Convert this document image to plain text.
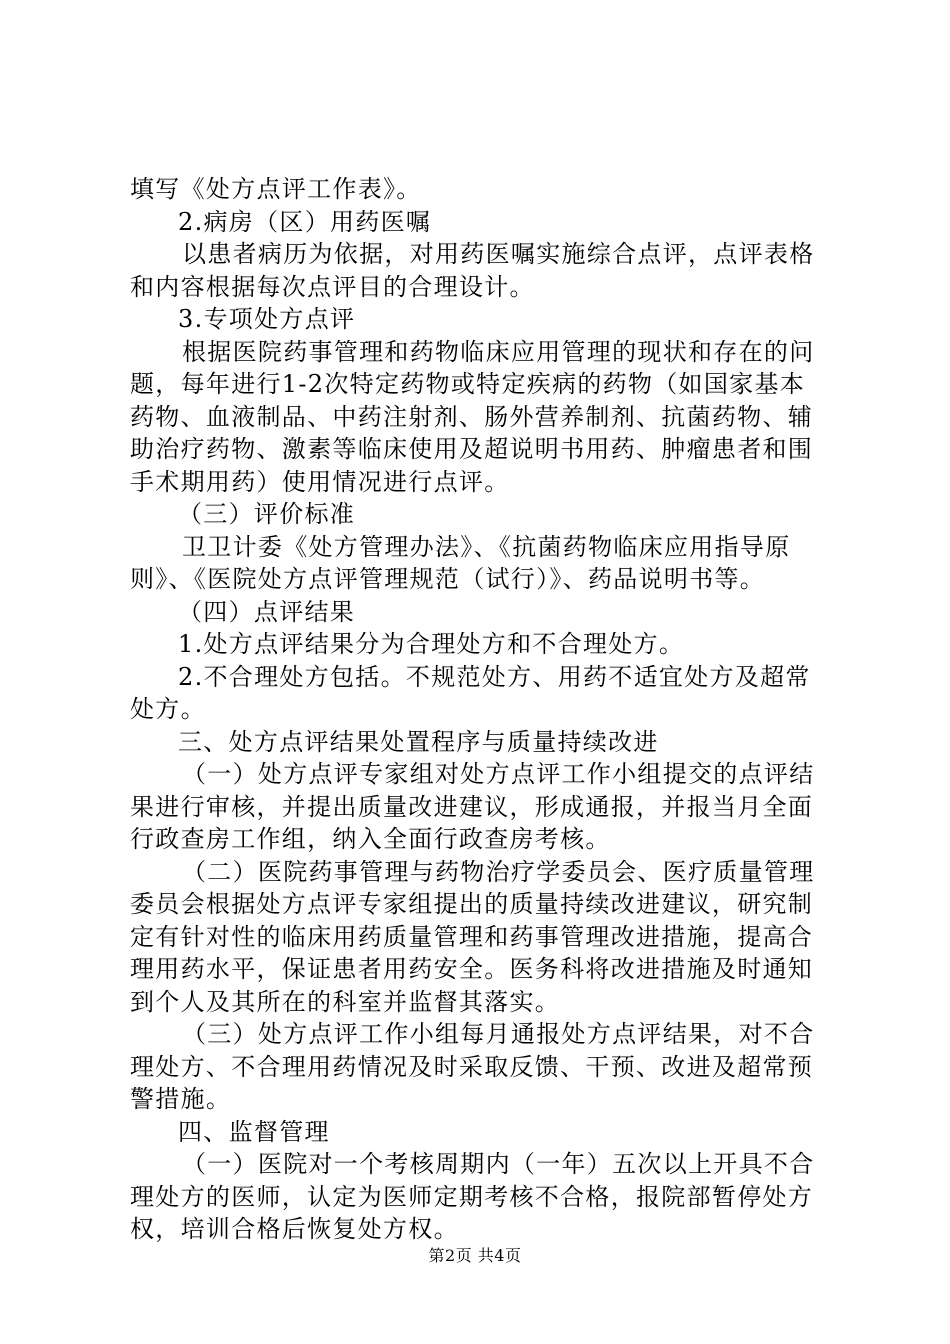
填写《处方点评工作表》。
2.病房（区）用药医嘱
以患者病历为依据，对用药医嘱实施综合点评，点评表格
和内容根据每次点评目的合理设计。
3.专项处方点评
根据医院药事管理和药物临床应用管理的现状和存在的问
题，每年进行1-2次特定药物或特定疾病的药物（如国家基本
药物、血液制品、中药注射剂、肠外营养制剂、抗菌药物、辅
助治疗药物、激素等临床使用及超说明书用药、肿瘤患者和围
手术期用药）使用情况进行点评。
（三）评价标准
卫卫计委《处方管理办法》、《抗菌药物临床应用指导原
则》、《医院处方点评管理规范（试行）》、药品说明书等。
（四）点评结果
1.处方点评结果分为合理处方和不合理处方。
2.不合理处方包括。不规范处方、用药不适宜处方及超常
处方。
三、处方点评结果处置程序与质量持续改进
（一）处方点评专家组对处方点评工作小组提交的点评结
果进行审核，并提出质量改进建议，形成通报，并报当月全面
行政查房工作组，纳入全面行政查房考核。
（二）医院药事管理与药物治疗学委员会、医疗质量管理
委员会根据处方点评专家组提出的质量持续改进建议，研究制
定有针对性的临床用药质量管理和药事管理改进措施，提高合
理用药水平，保证患者用药安全。医务科将改进措施及时通知
到个人及其所在的科室并监督其落实。
（三）处方点评工作小组每月通报处方点评结果，对不合
理处方、不合理用药情况及时采取反馈、干预、改进及超常预
警措施。
四、监督管理
（一）医院对一个考核周期内（一年）五次以上开具不合
理处方的医师，认定为医师定期考核不合格，报院部暂停处方
权，培训合格后恢复处方权。
第2页 共4页
